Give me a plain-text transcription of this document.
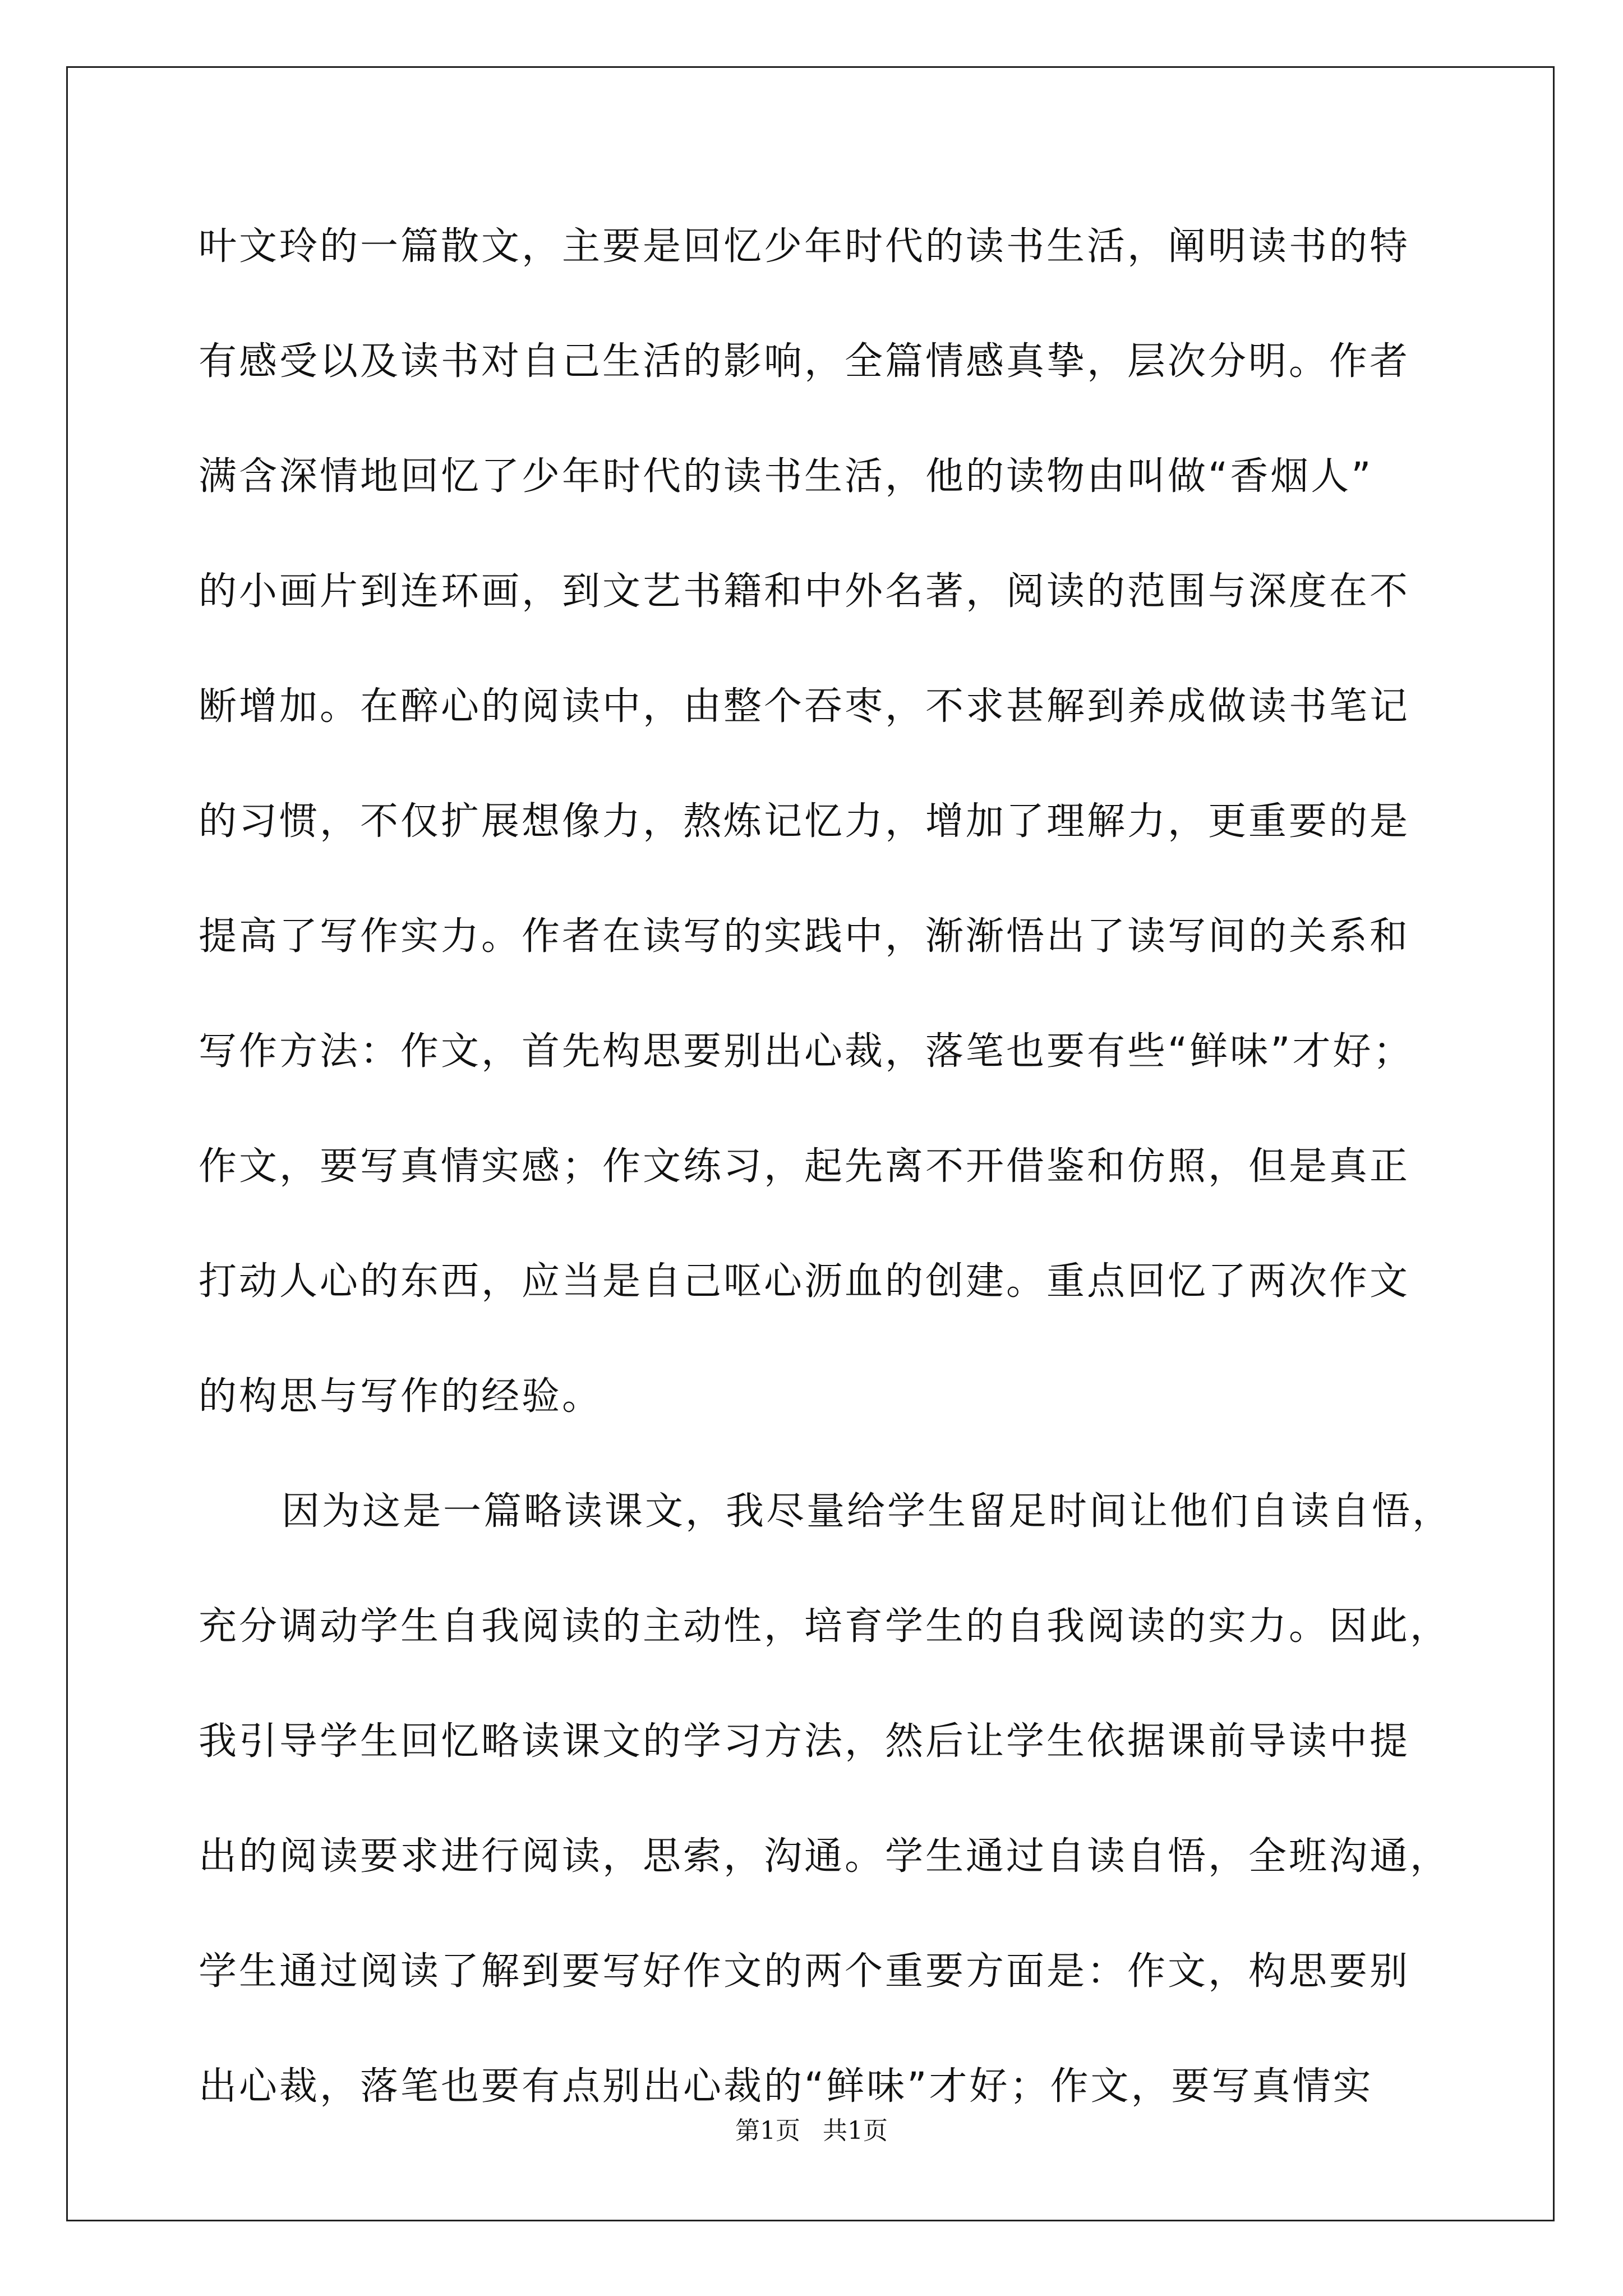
叶文玲的一篇散文，主要是回忆少年时代的读书生活，阐明读书的特
有感受以及读书对自己生活的影响，全篇情感真挚，层次分明。作者
满含深情地回忆了少年时代的读书生活，他的读物由叫做“香烟人”
的小画片到连环画，到文艺书籍和中外名著，阅读的范围与深度在不
断增加。在醉心的阅读中，由整个吞枣，不求甚解到养成做读书笔记
的习惯，不仅扩展想像力，熬炼记忆力，增加了理解力，更重要的是
提高了写作实力。作者在读写的实践中，渐渐悟出了读写间的关系和
写作方法：作文，首先构思要别出心裁，落笔也要有些“鲜味”才好；
作文，要写真情实感；作文练习，起先离不开借鉴和仿照，但是真正
打动人心的东西，应当是自己呕心沥血的创建。重点回忆了两次作文
的构思与写作的经验。
因为这是一篇略读课文，我尽量给学生留足时间让他们自读自悟，
充分调动学生自我阅读的主动性，培育学生的自我阅读的实力。因此，
我引导学生回忆略读课文的学习方法，然后让学生依据课前导读中提
出的阅读要求进行阅读，思索，沟通。学生通过自读自悟，全班沟通，
学生通过阅读了解到要写好作文的两个重要方面是：作文，构思要别
出心裁，落笔也要有点别出心裁的“鲜味”才好；作文，要写真情实
第1页 共1页
